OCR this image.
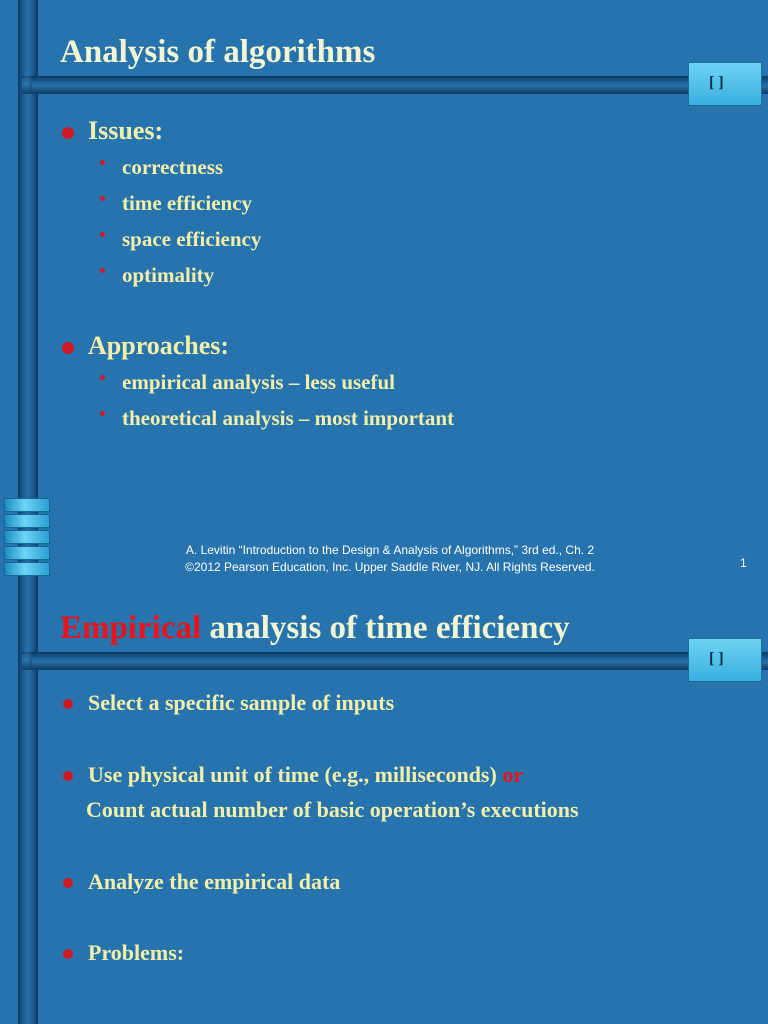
[ ]
Analysis of algorithms
Issues:
correctness
time efficiency
space efficiency
optimality
Approaches:
empirical analysis – less useful
theoretical analysis – most important
A. Levitin “Introduction to the Design & Analysis of Algorithms,” 3rd ed., Ch. 2
©2012 Pearson Education, Inc. Upper Saddle River, NJ. All Rights Reserved.	1
[ ]
Empirical analysis of time efficiency
Select a specific sample of inputs
Use physical unit of time (e.g., milliseconds) or
Count actual number of basic operation’s executions
Analyze the empirical data
Problems:
